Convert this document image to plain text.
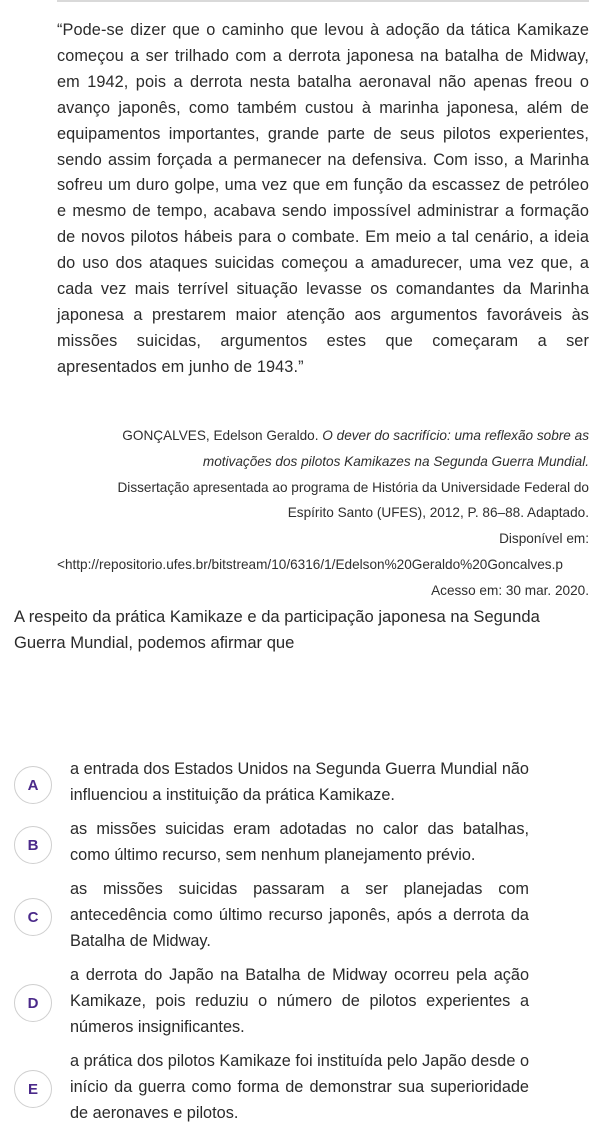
“Pode-se dizer que o caminho que levou à adoção da tática Kamikaze começou a ser trilhado com a derrota japonesa na batalha de Midway, em 1942, pois a derrota nesta batalha aeronaval não apenas freou o avanço japonês, como também custou à marinha japonesa, além de equipamentos importantes, grande parte de seus pilotos experientes, sendo assim forçada a permanecer na defensiva. Com isso, a Marinha sofreu um duro golpe, uma vez que em função da escassez de petróleo e mesmo de tempo, acabava sendo impossível administrar a formação de novos pilotos hábeis para o combate. Em meio a tal cenário, a ideia do uso dos ataques suicidas começou a amadurecer, uma vez que, a cada vez mais terrível situação levasse os comandantes da Marinha japonesa a prestarem maior atenção aos argumentos favoráveis às missões suicidas, argumentos estes que começaram a ser apresentados em junho de 1943.”

GONÇALVES, Edelson Geraldo. O dever do sacrifício: uma reflexão sobre as
motivações dos pilotos Kamikazes na Segunda Guerra Mundial.
Dissertação apresentada ao programa de História da Universidade Federal do
Espírito Santo (UFES), 2012, P. 86–88. Adaptado.
Disponível em:
<http://repositorio.ufes.br/bitstream/10/6316/1/Edelson%20Geraldo%20Goncalves.p
Acesso em: 30 mar. 2020.

A respeito da prática Kamikaze e da participação japonesa na Segunda Guerra Mundial, podemos afirmar que

A

a entrada dos Estados Unidos na Segunda Guerra Mundial não influenciou a instituição da prática Kamikaze.

B

as missões suicidas eram adotadas no calor das batalhas, como último recurso, sem nenhum planejamento prévio.

C

as missões suicidas passaram a ser planejadas com antecedência como último recurso japonês, após a derrota da Batalha de Midway.

D

a derrota do Japão na Batalha de Midway ocorreu pela ação Kamikaze, pois reduziu o número de pilotos experientes a números insignificantes.

E

a prática dos pilotos Kamikaze foi instituída pelo Japão desde o início da guerra como forma de demonstrar sua superioridade de aeronaves e pilotos.
